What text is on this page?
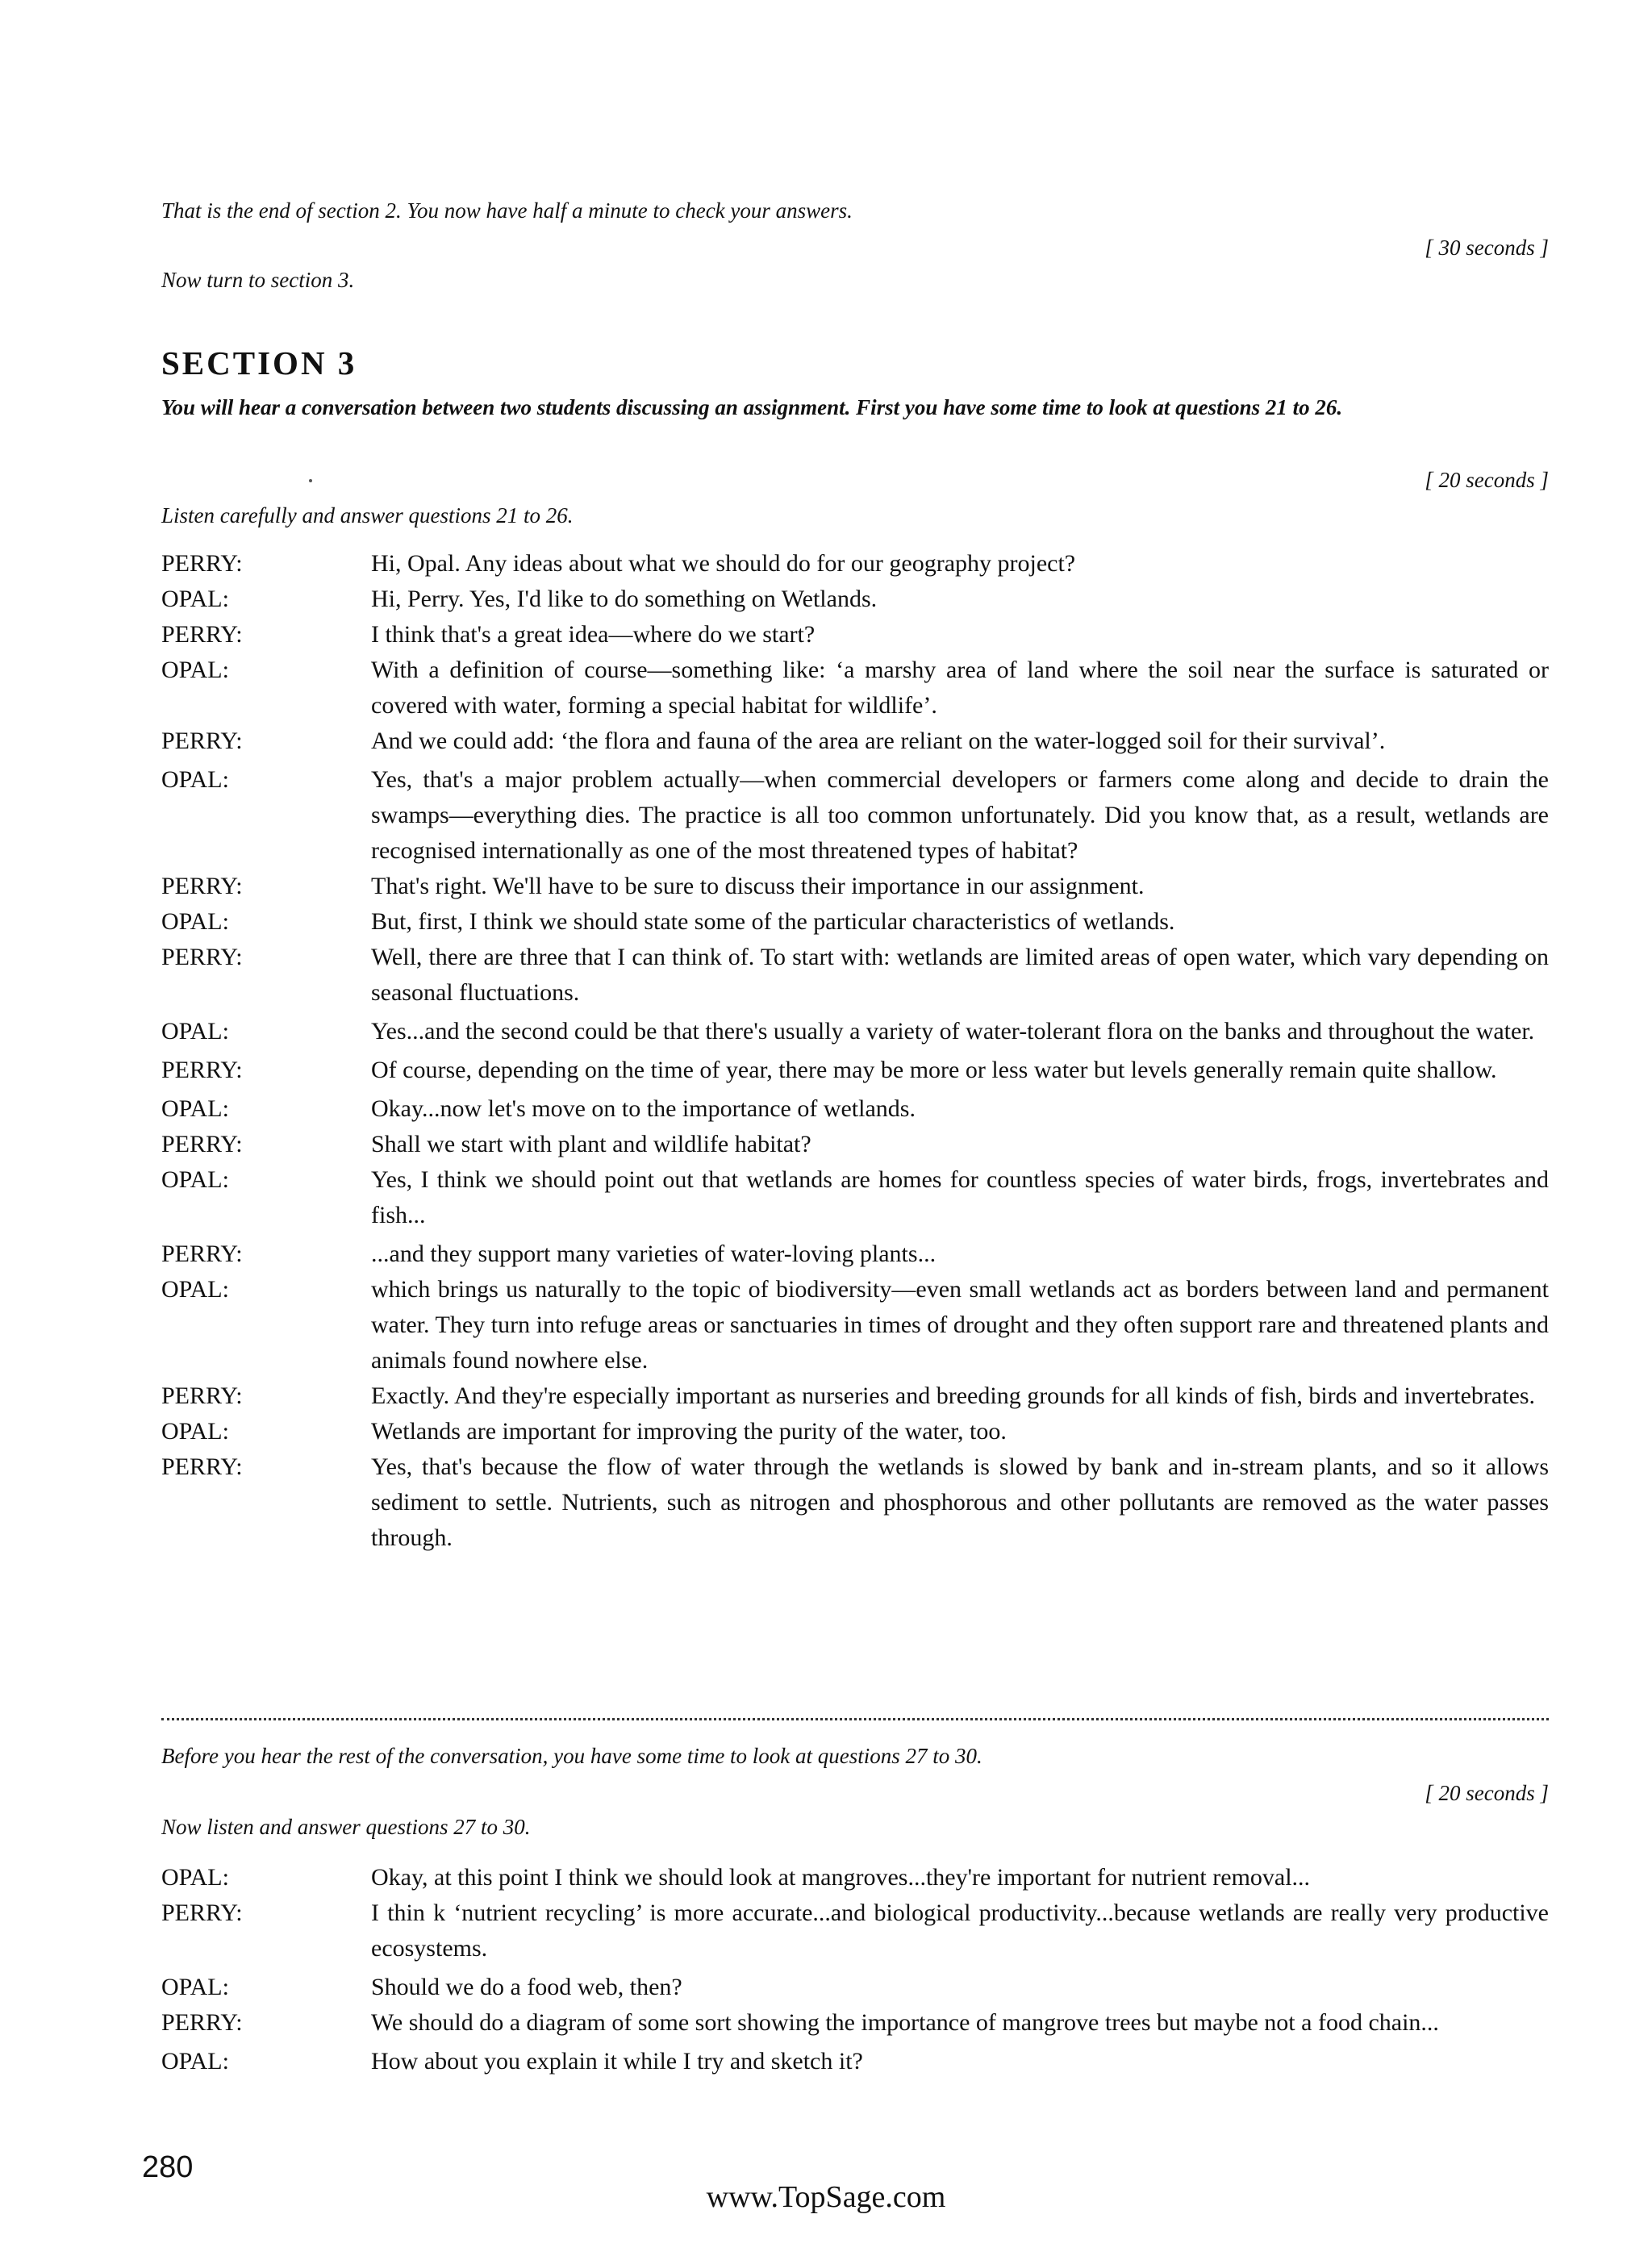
That is the end of section 2. You now have half a minute to check your answers.
[ 30 seconds ]
Now turn to section 3.
SECTION 3
You will hear a conversation between two students discussing an assignment. First you have some time to look at questions 21 to 26.
[ 20 seconds ]
Listen carefully and answer questions 21 to 26.
PERRY:	Hi, Opal. Any ideas about what we should do for our geography project?
OPAL:	Hi, Perry. Yes, I'd like to do something on Wetlands.
PERRY:	I think that's a great idea—where do we start?
OPAL:	With a definition of course—something like: ‘a marshy area of land where the soil near the surface is saturated or covered with water, forming a special habitat for wildlife’.
PERRY:	And we could add: ‘the flora and fauna of the area are reliant on the water-logged soil for their survival’.
OPAL:	Yes, that's a major problem actually—when commercial developers or farmers come along and decide to drain the swamps—everything dies. The practice is all too common unfortunately. Did you know that, as a result, wetlands are recognised internationally as one of the most threatened types of habitat?
PERRY:	That's right. We'll have to be sure to discuss their importance in our assignment.
OPAL:	But, first, I think we should state some of the particular characteristics of wetlands.
PERRY:	Well, there are three that I can think of. To start with: wetlands are limited areas of open water, which vary depending on seasonal fluctuations.
OPAL:	Yes...and the second could be that there's usually a variety of water-tolerant flora on the banks and throughout the water.
PERRY:	Of course, depending on the time of year, there may be more or less water but levels generally remain quite shallow.
OPAL:	Okay...now let's move on to the importance of wetlands.
PERRY:	Shall we start with plant and wildlife habitat?
OPAL:	Yes, I think we should point out that wetlands are homes for countless species of water birds, frogs, invertebrates and fish...
PERRY:	...and they support many varieties of water-loving plants...
OPAL:	which brings us naturally to the topic of biodiversity—even small wetlands act as borders between land and permanent water. They turn into refuge areas or sanctuaries in times of drought and they often support rare and threatened plants and animals found nowhere else.
PERRY:	Exactly. And they're especially important as nurseries and breeding grounds for all kinds of fish, birds and invertebrates.
OPAL:	Wetlands are important for improving the purity of the water, too.
PERRY:	Yes, that's because the flow of water through the wetlands is slowed by bank and in-stream plants, and so it allows sediment to settle. Nutrients, such as nitrogen and phosphorous and other pollutants are removed as the water passes through.
Before you hear the rest of the conversation, you have some time to look at questions 27 to 30.
[ 20 seconds ]
Now listen and answer questions 27 to 30.
OPAL:	Okay, at this point I think we should look at mangroves...they're important for nutrient removal...
PERRY:	I thin k ‘nutrient recycling’ is more accurate...and biological productivity...because wetlands are really very productive ecosystems.
OPAL:	Should we do a food web, then?
PERRY:	We should do a diagram of some sort showing the importance of mangrove trees but maybe not a food chain...
OPAL:	How about you explain it while I try and sketch it?
280
www.TopSage.com
